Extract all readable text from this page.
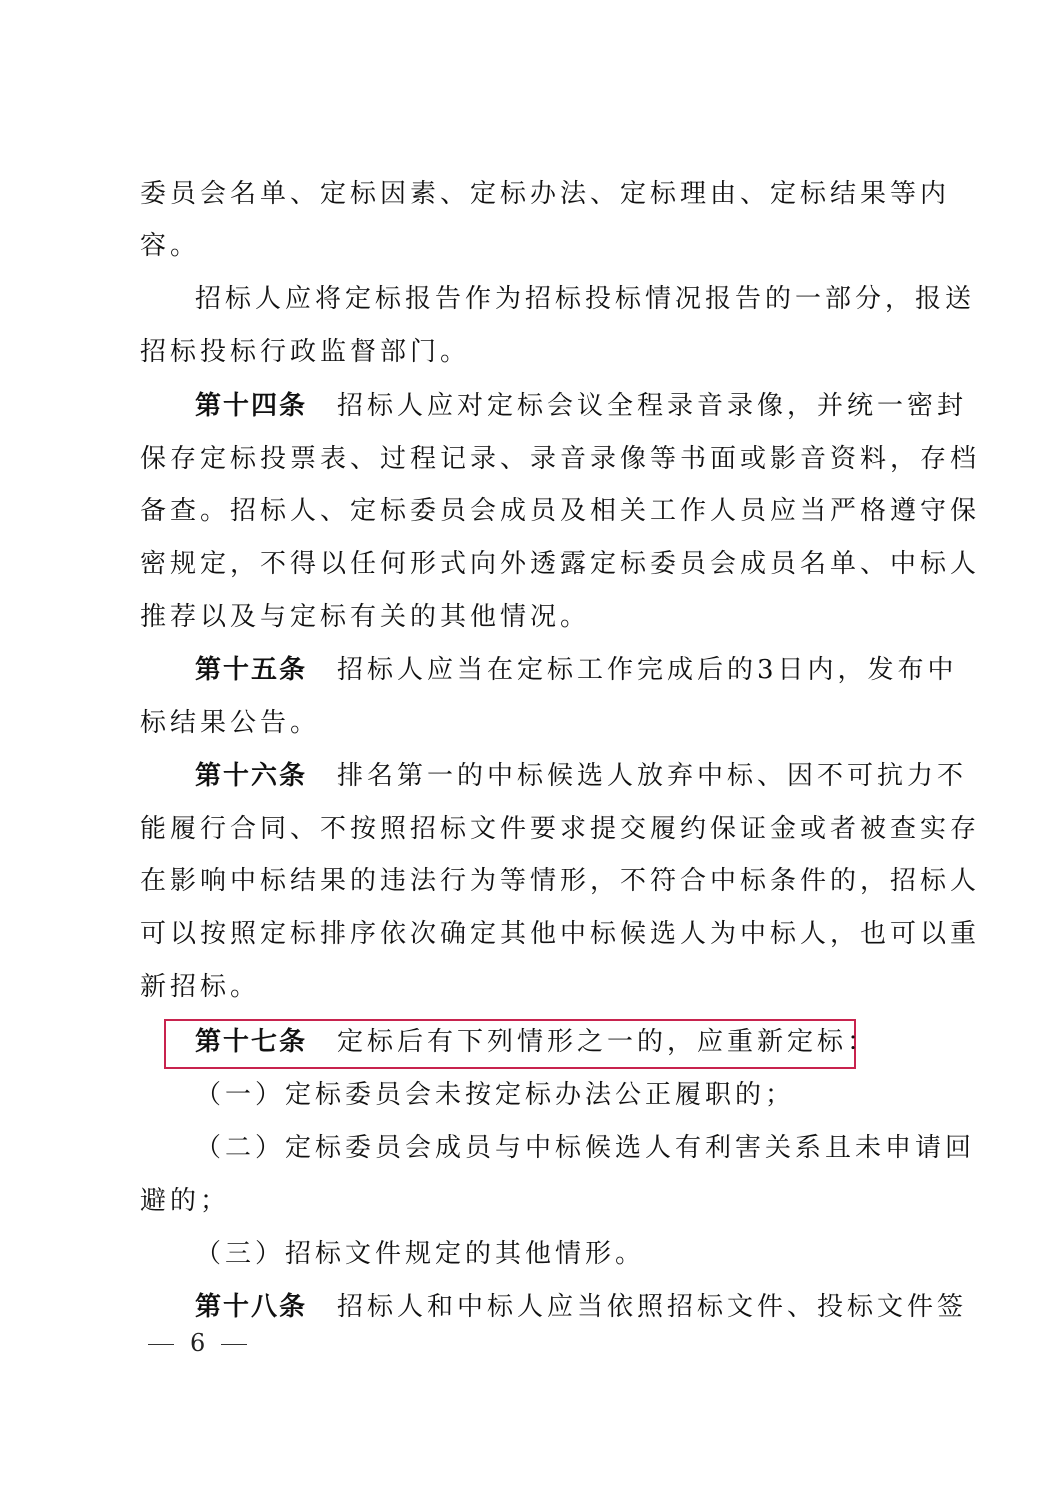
委员会名单、定标因素、定标办法、定标理由、定标结果等内
容。
招标人应将定标报告作为招标投标情况报告的一部分，报送
招标投标行政监督部门。
第十四条 招标人应对定标会议全程录音录像，并统一密封
保存定标投票表、过程记录、录音录像等书面或影音资料，存档
备查。招标人、定标委员会成员及相关工作人员应当严格遵守保
密规定，不得以任何形式向外透露定标委员会成员名单、中标人
推荐以及与定标有关的其他情况。
第十五条 招标人应当在定标工作完成后的3日内，发布中
标结果公告。
第十六条 排名第一的中标候选人放弃中标、因不可抗力不
能履行合同、不按照招标文件要求提交履约保证金或者被查实存
在影响中标结果的违法行为等情形，不符合中标条件的，招标人
可以按照定标排序依次确定其他中标候选人为中标人，也可以重
新招标。
第十七条 定标后有下列情形之一的，应重新定标：
（一）定标委员会未按定标办法公正履职的；
（二）定标委员会成员与中标候选人有利害关系且未申请回
避的；
（三）招标文件规定的其他情形。
第十八条 招标人和中标人应当依照招标文件、投标文件签
6
